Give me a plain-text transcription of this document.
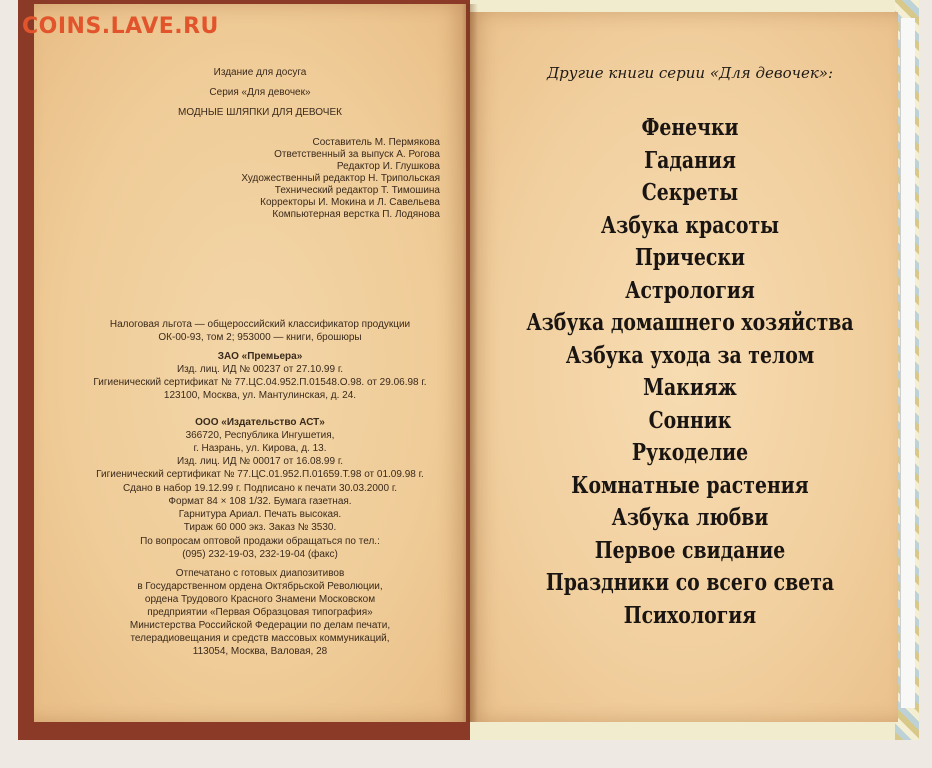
COINS.LAVE.RU
Издание для досуга
Серия «Для девочек»
МОДНЫЕ ШЛЯПКИ ДЛЯ ДЕВОЧЕК
Составитель М. Пермякова
Ответственный за выпуск А. Рогова
Редактор И. Глушкова
Художественный редактор Н. Трипольская
Технический редактор Т. Тимошина
Корректоры И. Мокина и Л. Савельева
Компьютерная верстка П. Лодянова
Налоговая льгота — общероссийский классификатор продукции
ОК-00-93, том 2; 953000 — книги, брошюры
ЗАО «Премьера»
Изд. лиц. ИД № 00237 от 27.10.99 г.
Гигиенический сертификат № 77.ЦС.04.952.П.01548.О.98. от 29.06.98 г.
123100, Москва, ул. Мантулинская, д. 24.
ООО «Издательство АСТ»
366720, Республика Ингушетия,
г. Назрань, ул. Кирова, д. 13.
Изд. лиц. ИД № 00017 от 16.08.99 г.
Гигиенический сертификат № 77.ЦС.01.952.П.01659.Т.98 от 01.09.98 г.
Сдано в набор 19.12.99 г. Подписано к печати 30.03.2000 г.
Формат 84 × 108 1/32. Бумага газетная.
Гарнитура Ариал. Печать высокая.
Тираж 60 000 экз. Заказ № 3530.
По вопросам оптовой продажи обращаться по тел.:
(095) 232-19-03, 232-19-04 (факс)
Отпечатано с готовых диапозитивов
в Государственном ордена Октябрьской Революции,
ордена Трудового Красного Знамени Московском
предприятии «Первая Образцовая типография»
Министерства Российской Федерации по делам печати,
телерадиовещания и средств массовых коммуникаций,
113054, Москва, Валовая, 28
Другие книги серии «Для девочек»:
Фенечки
Гадания
Секреты
Азбука красоты
Прически
Астрология
Азбука домашнего хозяйства
Азбука ухода за телом
Макияж
Сонник
Рукоделие
Комнатные растения
Азбука любви
Первое свидание
Праздники со всего света
Психология
